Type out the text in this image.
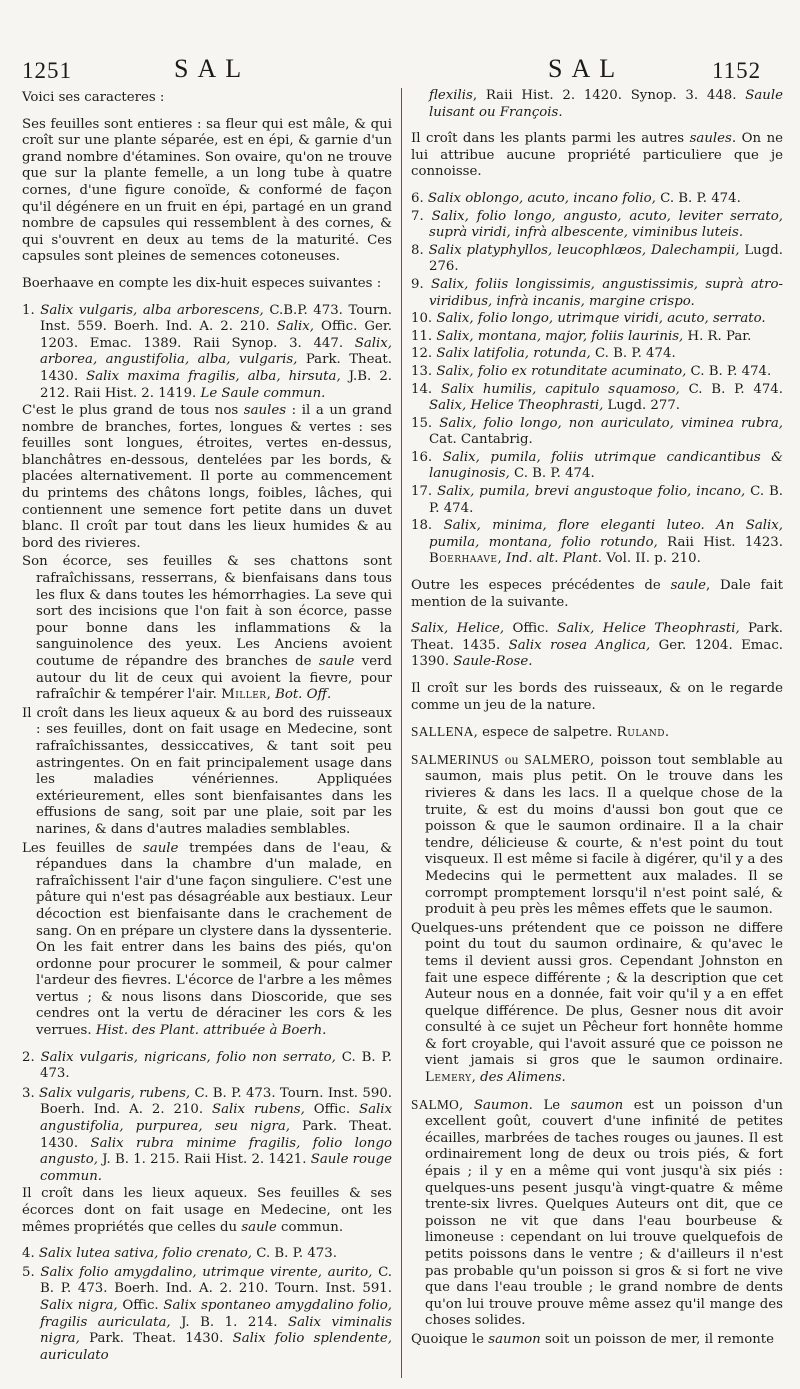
1251	SAL	SAL	1152

Voici ses caracteres :

Ses feuilles sont entieres : sa fleur qui est mâle, & qui croît sur une plante séparée, est en épi, & garnie d'un grand nombre d'étamines. Son ovaire, qu'on ne trouve que sur la plante femelle, a un long tube à quatre cornes, d'une figure conoïde, & conformé de façon qu'il dégénere en un fruit en épi, partagé en un grand nombre de capsules qui ressemblent à des cornes, & qui s'ouvrent en deux au tems de la maturité. Ces capsules sont pleines de semences cotoneuses.

Boerhaave en compte les dix-huit especes suivantes :

1. Salix vulgaris, alba arborescens, C.B.P. 473. Tourn. Inst. 559. Boerh. Ind. A. 2. 210. Salix, Offic. Ger. 1203. Emac. 1389. Raii Synop. 3. 447. Salix, arborea, angustifolia, alba, vulgaris, Park. Theat. 1430. Salix maxima fragilis, alba, hirsuta, J.B. 2. 212. Raii Hist. 2. 1419. Le Saule commun.

C'est le plus grand de tous nos saules : il a un grand nombre de branches, fortes, longues & vertes : ses feuilles sont longues, étroites, vertes en-dessus, blanchâtres en-dessous, dentelées par les bords, & placées alternativement. Il porte au commencement du printems des châtons longs, foibles, lâches, qui contiennent une semence fort petite dans un duvet blanc. Il croît par tout dans les lieux humides & au bord des rivieres.

Son écorce, ses feuilles & ses chattons sont rafraîchissans, resserrans, & bienfaisans dans tous les flux & dans toutes les hémorrhagies. La seve qui sort des incisions que l'on fait à son écorce, passe pour bonne dans les inflammations & la sanguinolence des yeux. Les Anciens avoient coutume de répandre des branches de saule verd autour du lit de ceux qui avoient la fievre, pour rafraîchir & tempérer l'air. Miller, Bot. Off.

Il croît dans les lieux aqueux & au bord des ruisseaux : ses feuilles, dont on fait usage en Medecine, sont rafraîchissantes, dessiccatives, & tant soit peu astringentes. On en fait principalement usage dans les maladies vénériennes. Appliquées extérieurement, elles sont bienfaisantes dans les effusions de sang, soit par une plaie, soit par les narines, & dans d'autres maladies semblables.

Les feuilles de saule trempées dans de l'eau, & répandues dans la chambre d'un malade, en rafraîchissent l'air d'une façon singuliere. C'est une pâture qui n'est pas désagréable aux bestiaux. Leur décoction est bienfaisante dans le crachement de sang. On en prépare un clystere dans la dyssenterie. On les fait entrer dans les bains des piés, qu'on ordonne pour procurer le sommeil, & pour calmer l'ardeur des fievres. L'écorce de l'arbre a les mêmes vertus ; & nous lisons dans Dioscoride, que ses cendres ont la vertu de déraciner les cors & les verrues. Hist. des Plant. attribuée à Boerh.

2. Salix vulgaris, nigricans, folio non serrato, C. B. P. 473.

3. Salix vulgaris, rubens, C. B. P. 473. Tourn. Inst. 590. Boerh. Ind. A. 2. 210. Salix rubens, Offic. Salix angustifolia, purpurea, seu nigra, Park. Theat. 1430. Salix rubra minime fragilis, folio longo angusto, J. B. 1. 215. Raii Hist. 2. 1421. Saule rouge commun.

Il croît dans les lieux aqueux. Ses feuilles & ses écorces dont on fait usage en Medecine, ont les mêmes propriétés que celles du saule commun.

4. Salix lutea sativa, folio crenato, C. B. P. 473.

5. Salix folio amygdalino, utrimque virente, aurito, C. B. P. 473. Boerh. Ind. A. 2. 210. Tourn. Inst. 591. Salix nigra, Offic. Salix spontaneo amygdalino folio, fragilis auriculata, J. B. 1. 214. Salix viminalis nigra, Park. Theat. 1430. Salix folio splendente, auriculato

flexilis, Raii Hist. 2. 1420. Synop. 3. 448. Saule luisant ou François.

Il croît dans les plants parmi les autres saules. On ne lui attribue aucune propriété particuliere que je connoisse.

6. Salix oblongo, acuto, incano folio, C. B. P. 474.

7. Salix, folio longo, angusto, acuto, leviter serrato, suprà viridi, infrà albescente, viminibus luteis.

8. Salix platyphyllos, leucophlæos, Dalechampii, Lugd. 276.

9. Salix, foliis longissimis, angustissimis, suprà atro-viridibus, infrà incanis, margine crispo.

10. Salix, folio longo, utrimque viridi, acuto, serrato.

11. Salix, montana, major, foliis laurinis, H. R. Par.

12. Salix latifolia, rotunda, C. B. P. 474.

13. Salix, folio ex rotunditate acuminato, C. B. P. 474.

14. Salix humilis, capitulo squamoso, C. B. P. 474. Salix, Helice Theophrasti, Lugd. 277.

15. Salix, folio longo, non auriculato, viminea rubra, Cat. Cantabrig.

16. Salix, pumila, foliis utrimque candicantibus & lanuginosis, C. B. P. 474.

17. Salix, pumila, brevi angustoque folio, incano, C. B. P. 474.

18. Salix, minima, flore eleganti luteo. An Salix, pumila, montana, folio rotundo, Raii Hist. 1423. Boerhaave, Ind. alt. Plant. Vol. II. p. 210.

Outre les especes précédentes de saule, Dale fait mention de la suivante.

Salix, Helice, Offic. Salix, Helice Theophrasti, Park. Theat. 1435. Salix rosea Anglica, Ger. 1204. Emac. 1390. Saule-Rose.

Il croît sur les bords des ruisseaux, & on le regarde comme un jeu de la nature.

SALLENA, espece de salpetre. Ruland.

SALMERINUS ou SALMERO, poisson tout semblable au saumon, mais plus petit. On le trouve dans les rivieres & dans les lacs. Il a quelque chose de la truite, & est du moins d'aussi bon gout que ce poisson & que le saumon ordinaire. Il a la chair tendre, délicieuse & courte, & n'est point du tout visqueux. Il est même si facile à digérer, qu'il y a des Medecins qui le permettent aux malades. Il se corrompt promptement lorsqu'il n'est point salé, & produit à peu près les mêmes effets que le saumon.

Quelques-uns prétendent que ce poisson ne differe point du tout du saumon ordinaire, & qu'avec le tems il devient aussi gros. Cependant Johnston en fait une espece différente ; & la description que cet Auteur nous en a donnée, fait voir qu'il y a en effet quelque différence. De plus, Gesner nous dit avoir consulté à ce sujet un Pêcheur fort honnête homme & fort croyable, qui l'avoit assuré que ce poisson ne vient jamais si gros que le saumon ordinaire. Lemery, des Alimens.

SALMO, Saumon. Le saumon est un poisson d'un excellent goût, couvert d'une infinité de petites écailles, marbrées de taches rouges ou jaunes. Il est ordinairement long de deux ou trois piés, & fort épais ; il y en a même qui vont jusqu'à six piés : quelques-uns pesent jusqu'à vingt-quatre & même trente-six livres. Quelques Auteurs ont dit, que ce poisson ne vit que dans l'eau bourbeuse & limoneuse : cependant on lui trouve quelquefois de petits poissons dans le ventre ; & d'ailleurs il n'est pas probable qu'un poisson si gros & si fort ne vive que dans l'eau trouble ; le grand nombre de dents qu'on lui trouve prouve même assez qu'il mange des choses solides.

Quoique le saumon soit un poisson de mer, il remonte
